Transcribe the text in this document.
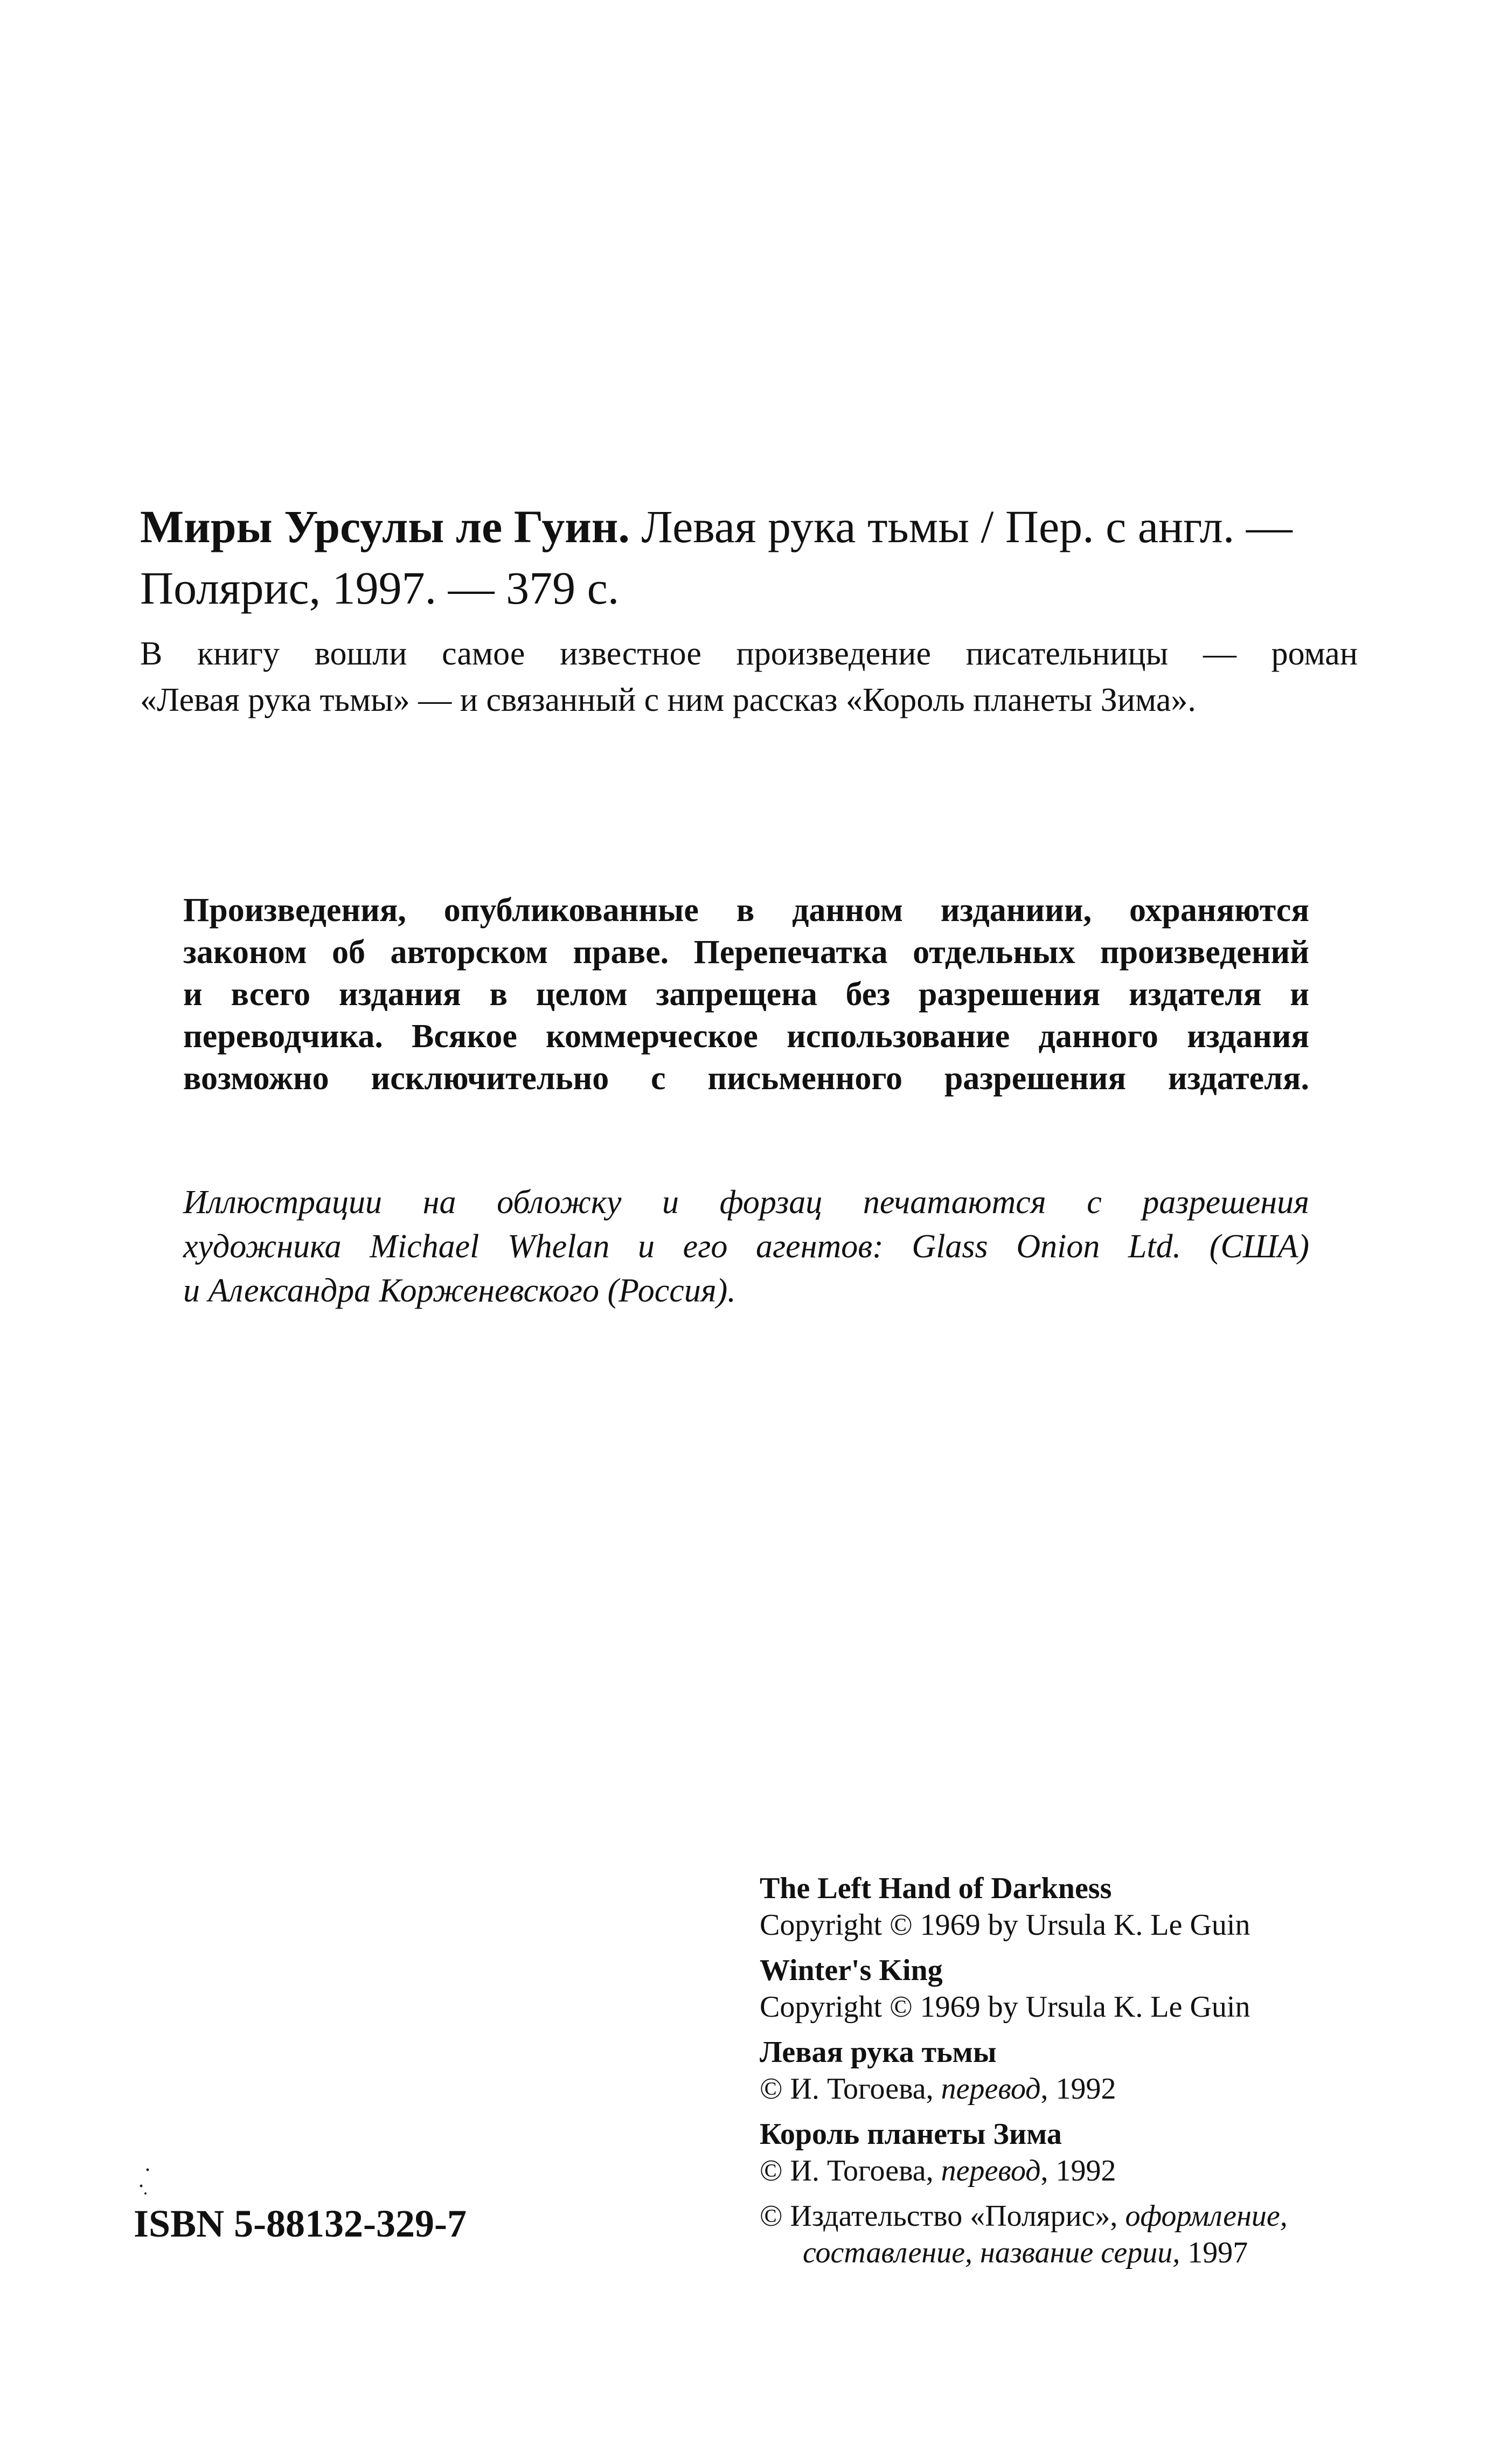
Миры Урсулы ле Гуин. Левая рука тьмы / Пер. с англ. —
Полярис, 1997. — 379 с.
В книгу вошли самое известное произведение писательницы — роман
«Левая рука тьмы» — и связанный с ним рассказ «Король планеты Зима».
Произведения, опубликованные в данном изданиии, охраняются
законом об авторском праве. Перепечатка отдельных произведений
и всего издания в целом запрещена без разрешения издателя и
переводчика. Всякое коммерческое использование данного издания
возможно исключительно с письменного разрешения издателя.
Иллюстрации на обложку и форзац печатаются с разрешения
художника Michael Whelan и его агентов: Glass Onion Ltd. (США)
и Александра Корженевского (Россия).
The Left Hand of Darkness
Copyright © 1969 by Ursula K. Le Guin
Winter's King
Copyright © 1969 by Ursula K. Le Guin
Левая рука тьмы
© И. Тогоева, перевод, 1992
Король планеты Зима
© И. Тогоева, перевод, 1992
© Издательство «Полярис», оформление,
составление, название серии, 1997
ISBN 5-88132-329-7
